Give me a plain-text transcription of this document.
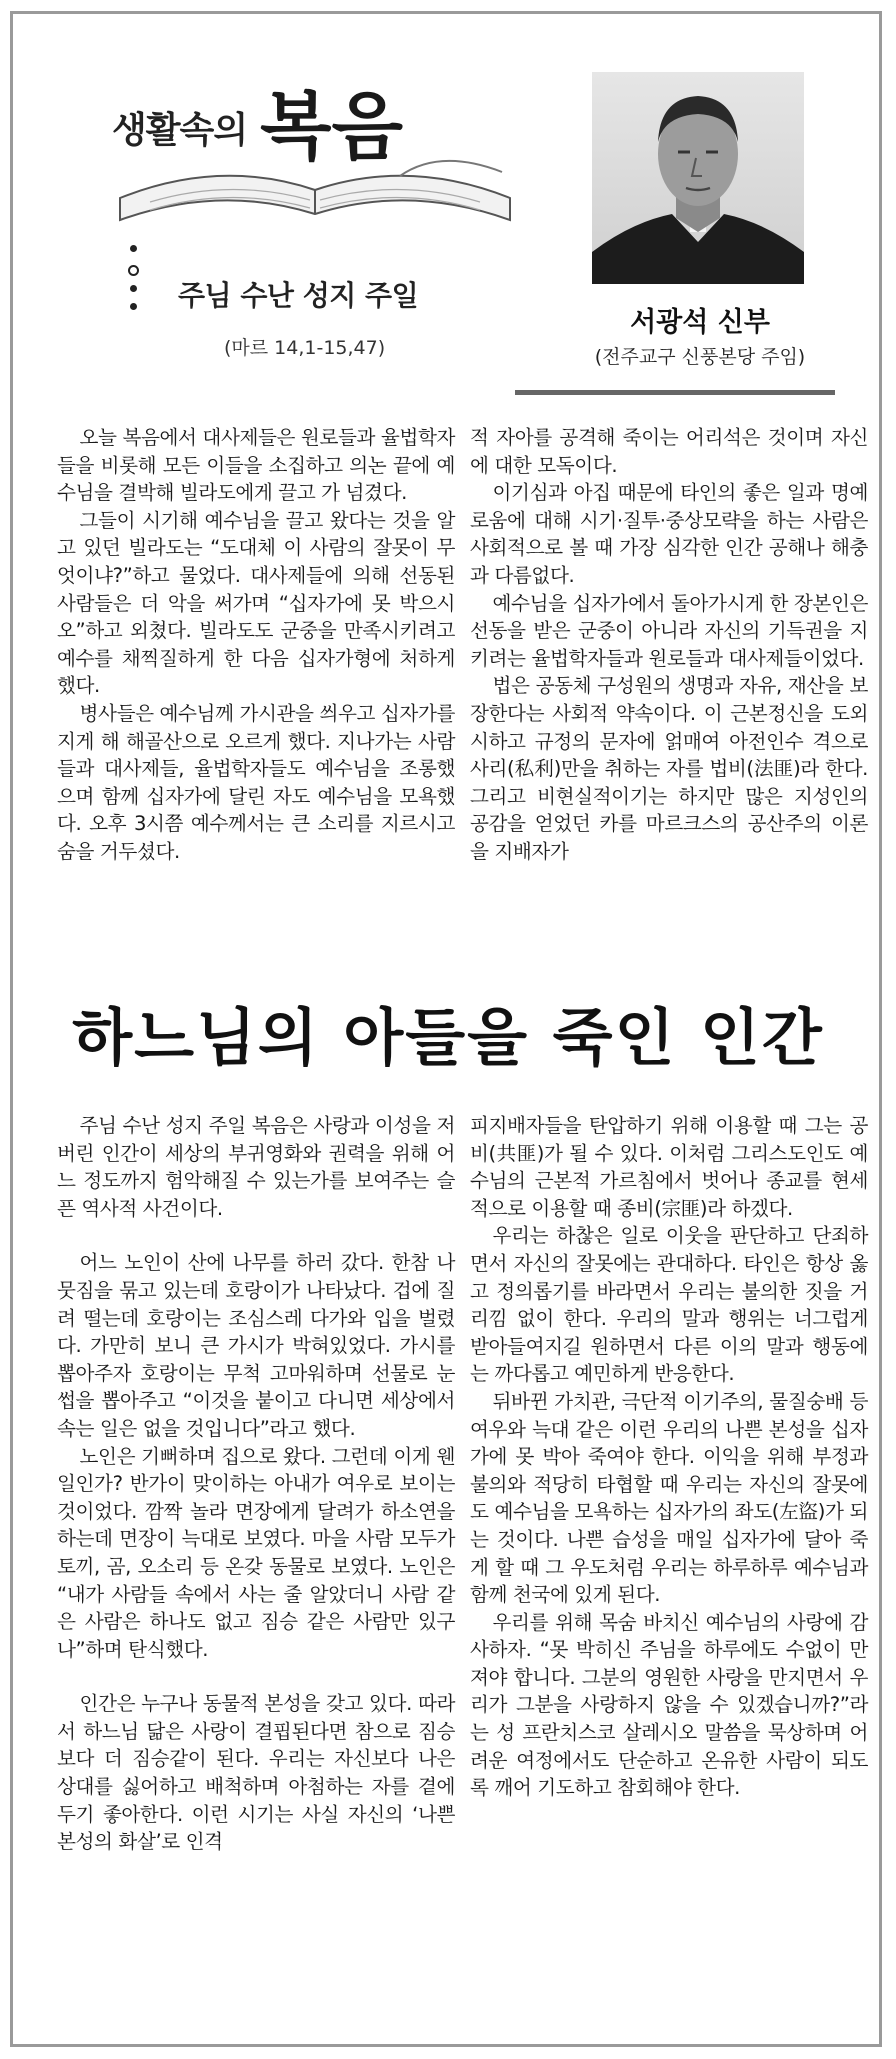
생활속의 복음
주님 수난 성지 주일
(마르 14,1-15,47)
서광석 신부
(전주교구 신풍본당 주임)

오늘 복음에서 대사제들은 원로들과 율법학자들을 비롯해 모든 이들을 소집하고 의논 끝에 예수님을 결박해 빌라도에게 끌고 가 넘겼다.

그들이 시기해 예수님을 끌고 왔다는 것을 알고 있던 빌라도는 “도대체 이 사람의 잘못이 무엇이냐?”하고 물었다. 대사제들에 의해 선동된 사람들은 더 악을 써가며 “십자가에 못 박으시오”하고 외쳤다. 빌라도도 군중을 만족시키려고 예수를 채찍질하게 한 다음 십자가형에 처하게 했다.

병사들은 예수님께 가시관을 씌우고 십자가를 지게 해 해골산으로 오르게 했다. 지나가는 사람들과 대사제들, 율법학자들도 예수님을 조롱했으며 함께 십자가에 달린 자도 예수님을 모욕했다. 오후 3시쯤 예수께서는 큰 소리를 지르시고 숨을 거두셨다.

적 자아를 공격해 죽이는 어리석은 것이며 자신에 대한 모독이다.

이기심과 아집 때문에 타인의 좋은 일과 명예로움에 대해 시기·질투·중상모략을 하는 사람은 사회적으로 볼 때 가장 심각한 인간 공해나 해충과 다름없다.

예수님을 십자가에서 돌아가시게 한 장본인은 선동을 받은 군중이 아니라 자신의 기득권을 지키려는 율법학자들과 원로들과 대사제들이었다.

법은 공동체 구성원의 생명과 자유, 재산을 보장한다는 사회적 약속이다. 이 근본정신을 도외시하고 규정의 문자에 얽매여 아전인수 격으로 사리(私利)만을 취하는 자를 법비(法匪)라 한다. 그리고 비현실적이기는 하지만 많은 지성인의 공감을 얻었던 카를 마르크스의 공산주의 이론을 지배자가

하느님의 아들을 죽인 인간

주님 수난 성지 주일 복음은 사랑과 이성을 저버린 인간이 세상의 부귀영화와 권력을 위해 어느 정도까지 험악해질 수 있는가를 보여주는 슬픈 역사적 사건이다.

어느 노인이 산에 나무를 하러 갔다. 한참 나뭇짐을 묶고 있는데 호랑이가 나타났다. 겁에 질려 떨는데 호랑이는 조심스레 다가와 입을 벌렸다. 가만히 보니 큰 가시가 박혀있었다. 가시를 뽑아주자 호랑이는 무척 고마워하며 선물로 눈썹을 뽑아주고 “이것을 붙이고 다니면 세상에서 속는 일은 없을 것입니다”라고 했다.

노인은 기뻐하며 집으로 왔다. 그런데 이게 웬일인가? 반가이 맞이하는 아내가 여우로 보이는 것이었다. 깜짝 놀라 면장에게 달려가 하소연을 하는데 면장이 늑대로 보였다. 마을 사람 모두가 토끼, 곰, 오소리 등 온갖 동물로 보였다. 노인은 “내가 사람들 속에서 사는 줄 알았더니 사람 같은 사람은 하나도 없고 짐승 같은 사람만 있구나”하며 탄식했다.

인간은 누구나 동물적 본성을 갖고 있다. 따라서 하느님 닮은 사랑이 결핍된다면 참으로 짐승보다 더 짐승같이 된다. 우리는 자신보다 나은 상대를 싫어하고 배척하며 아첨하는 자를 곁에 두기 좋아한다. 이런 시기는 사실 자신의 ‘나쁜 본성의 화살’로 인격

피지배자들을 탄압하기 위해 이용할 때 그는 공비(共匪)가 될 수 있다. 이처럼 그리스도인도 예수님의 근본적 가르침에서 벗어나 종교를 현세적으로 이용할 때 종비(宗匪)라 하겠다.

우리는 하찮은 일로 이웃을 판단하고 단죄하면서 자신의 잘못에는 관대하다. 타인은 항상 옳고 정의롭기를 바라면서 우리는 불의한 짓을 거리낌 없이 한다. 우리의 말과 행위는 너그럽게 받아들여지길 원하면서 다른 이의 말과 행동에는 까다롭고 예민하게 반응한다.

뒤바뀐 가치관, 극단적 이기주의, 물질숭배 등 여우와 늑대 같은 이런 우리의 나쁜 본성을 십자가에 못 박아 죽여야 한다. 이익을 위해 부정과 불의와 적당히 타협할 때 우리는 자신의 잘못에도 예수님을 모욕하는 십자가의 좌도(左盜)가 되는 것이다. 나쁜 습성을 매일 십자가에 달아 죽게 할 때 그 우도처럼 우리는 하루하루 예수님과 함께 천국에 있게 된다.

우리를 위해 목숨 바치신 예수님의 사랑에 감사하자. “못 박히신 주님을 하루에도 수없이 만져야 합니다. 그분의 영원한 사랑을 만지면서 우리가 그분을 사랑하지 않을 수 있겠습니까?”라는 성 프란치스코 살레시오 말씀을 묵상하며 어려운 여정에서도 단순하고 온유한 사람이 되도록 깨어 기도하고 참회해야 한다.
